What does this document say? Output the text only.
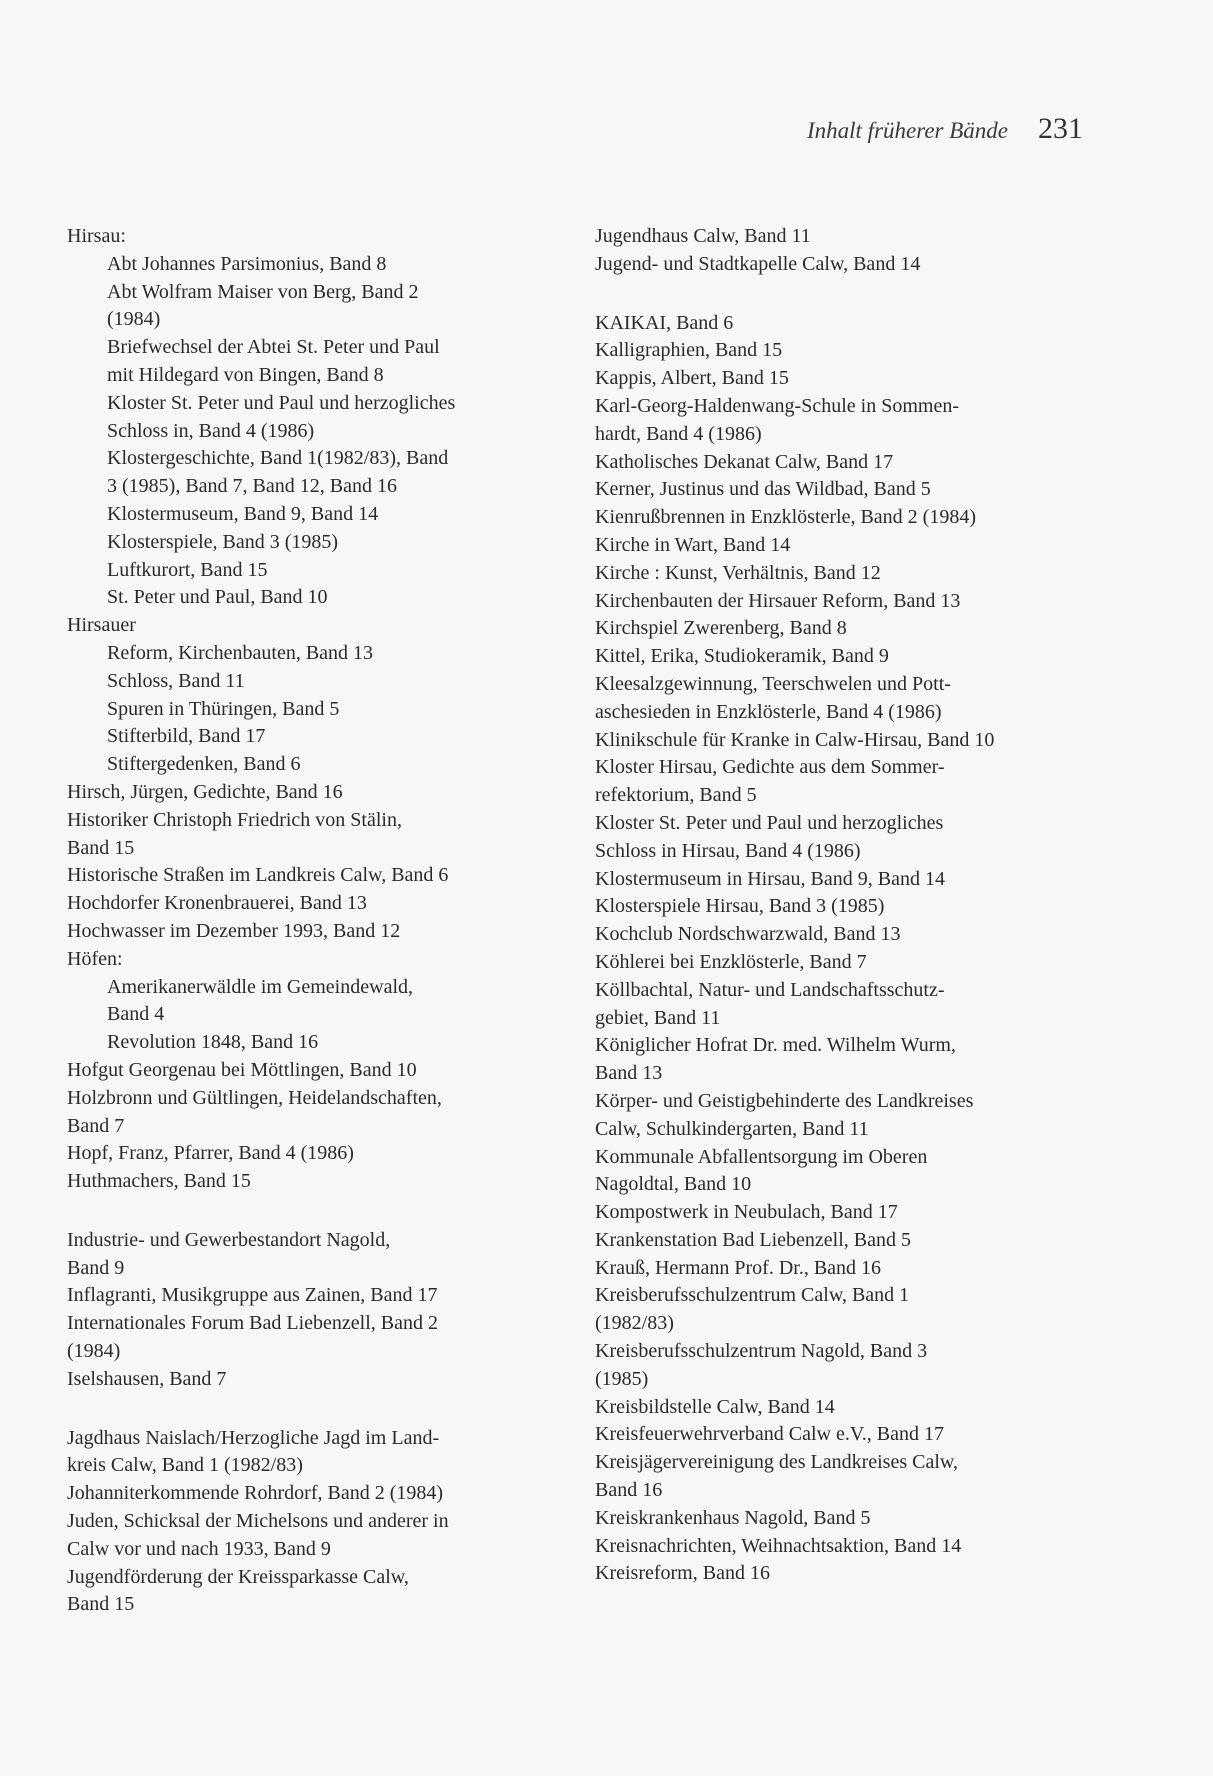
Inhalt früherer Bände 231
Hirsau:
Abt Johannes Parsimonius, Band 8
Abt Wolfram Maiser von Berg, Band 2
(1984)
Briefwechsel der Abtei St. Peter und Paul
mit Hildegard von Bingen, Band 8
Kloster St. Peter und Paul und herzogliches
Schloss in, Band 4 (1986)
Klostergeschichte, Band 1(1982/83), Band
3 (1985), Band 7, Band 12, Band 16
Klostermuseum, Band 9, Band 14
Klosterspiele, Band 3 (1985)
Luftkurort, Band 15
St. Peter und Paul, Band 10
Hirsauer
Reform, Kirchenbauten, Band 13
Schloss, Band 11
Spuren in Thüringen, Band 5
Stifterbild, Band 17
Stiftergedenken, Band 6
Hirsch, Jürgen, Gedichte, Band 16
Historiker Christoph Friedrich von Stälin,
Band 15
Historische Straßen im Landkreis Calw, Band 6
Hochdorfer Kronenbrauerei, Band 13
Hochwasser im Dezember 1993, Band 12
Höfen:
Amerikanerwäldle im Gemeindewald,
Band 4
Revolution 1848, Band 16
Hofgut Georgenau bei Möttlingen, Band 10
Holzbronn und Gültlingen, Heidelandschaften,
Band 7
Hopf, Franz, Pfarrer, Band 4 (1986)
Huthmachers, Band 15
Industrie- und Gewerbestandort Nagold,
Band 9
Inflagranti, Musikgruppe aus Zainen, Band 17
Internationales Forum Bad Liebenzell, Band 2
(1984)
Iselshausen, Band 7
Jagdhaus Naislach/Herzogliche Jagd im Land-
kreis Calw, Band 1 (1982/83)
Johanniterkommende Rohrdorf, Band 2 (1984)
Juden, Schicksal der Michelsons und anderer in
Calw vor und nach 1933, Band 9
Jugendförderung der Kreissparkasse Calw,
Band 15
Jugendhaus Calw, Band 11
Jugend- und Stadtkapelle Calw, Band 14
KAIKAI, Band 6
Kalligraphien, Band 15
Kappis, Albert, Band 15
Karl-Georg-Haldenwang-Schule in Sommen-
hardt, Band 4 (1986)
Katholisches Dekanat Calw, Band 17
Kerner, Justinus und das Wildbad, Band 5
Kienrußbrennen in Enzklösterle, Band 2 (1984)
Kirche in Wart, Band 14
Kirche : Kunst, Verhältnis, Band 12
Kirchenbauten der Hirsauer Reform, Band 13
Kirchspiel Zwerenberg, Band 8
Kittel, Erika, Studiokeramik, Band 9
Kleesalzgewinnung, Teerschwelen und Pott-
aschesieden in Enzklösterle, Band 4 (1986)
Klinikschule für Kranke in Calw-Hirsau, Band 10
Kloster Hirsau, Gedichte aus dem Sommer-
refektorium, Band 5
Kloster St. Peter und Paul und herzogliches
Schloss in Hirsau, Band 4 (1986)
Klostermuseum in Hirsau, Band 9, Band 14
Klosterspiele Hirsau, Band 3 (1985)
Kochclub Nordschwarzwald, Band 13
Köhlerei bei Enzklösterle, Band 7
Köllbachtal, Natur- und Landschaftsschutz-
gebiet, Band 11
Königlicher Hofrat Dr. med. Wilhelm Wurm,
Band 13
Körper- und Geistigbehinderte des Landkreises
Calw, Schulkindergarten, Band 11
Kommunale Abfallentsorgung im Oberen
Nagoldtal, Band 10
Kompostwerk in Neubulach, Band 17
Krankenstation Bad Liebenzell, Band 5
Krauß, Hermann Prof. Dr., Band 16
Kreisberufsschulzentrum Calw, Band 1
(1982/83)
Kreisberufsschulzentrum Nagold, Band 3
(1985)
Kreisbildstelle Calw, Band 14
Kreisfeuerwehrverband Calw e.V., Band 17
Kreisjägervereinigung des Landkreises Calw,
Band 16
Kreiskrankenhaus Nagold, Band 5
Kreisnachrichten, Weihnachtsaktion, Band 14
Kreisreform, Band 16
